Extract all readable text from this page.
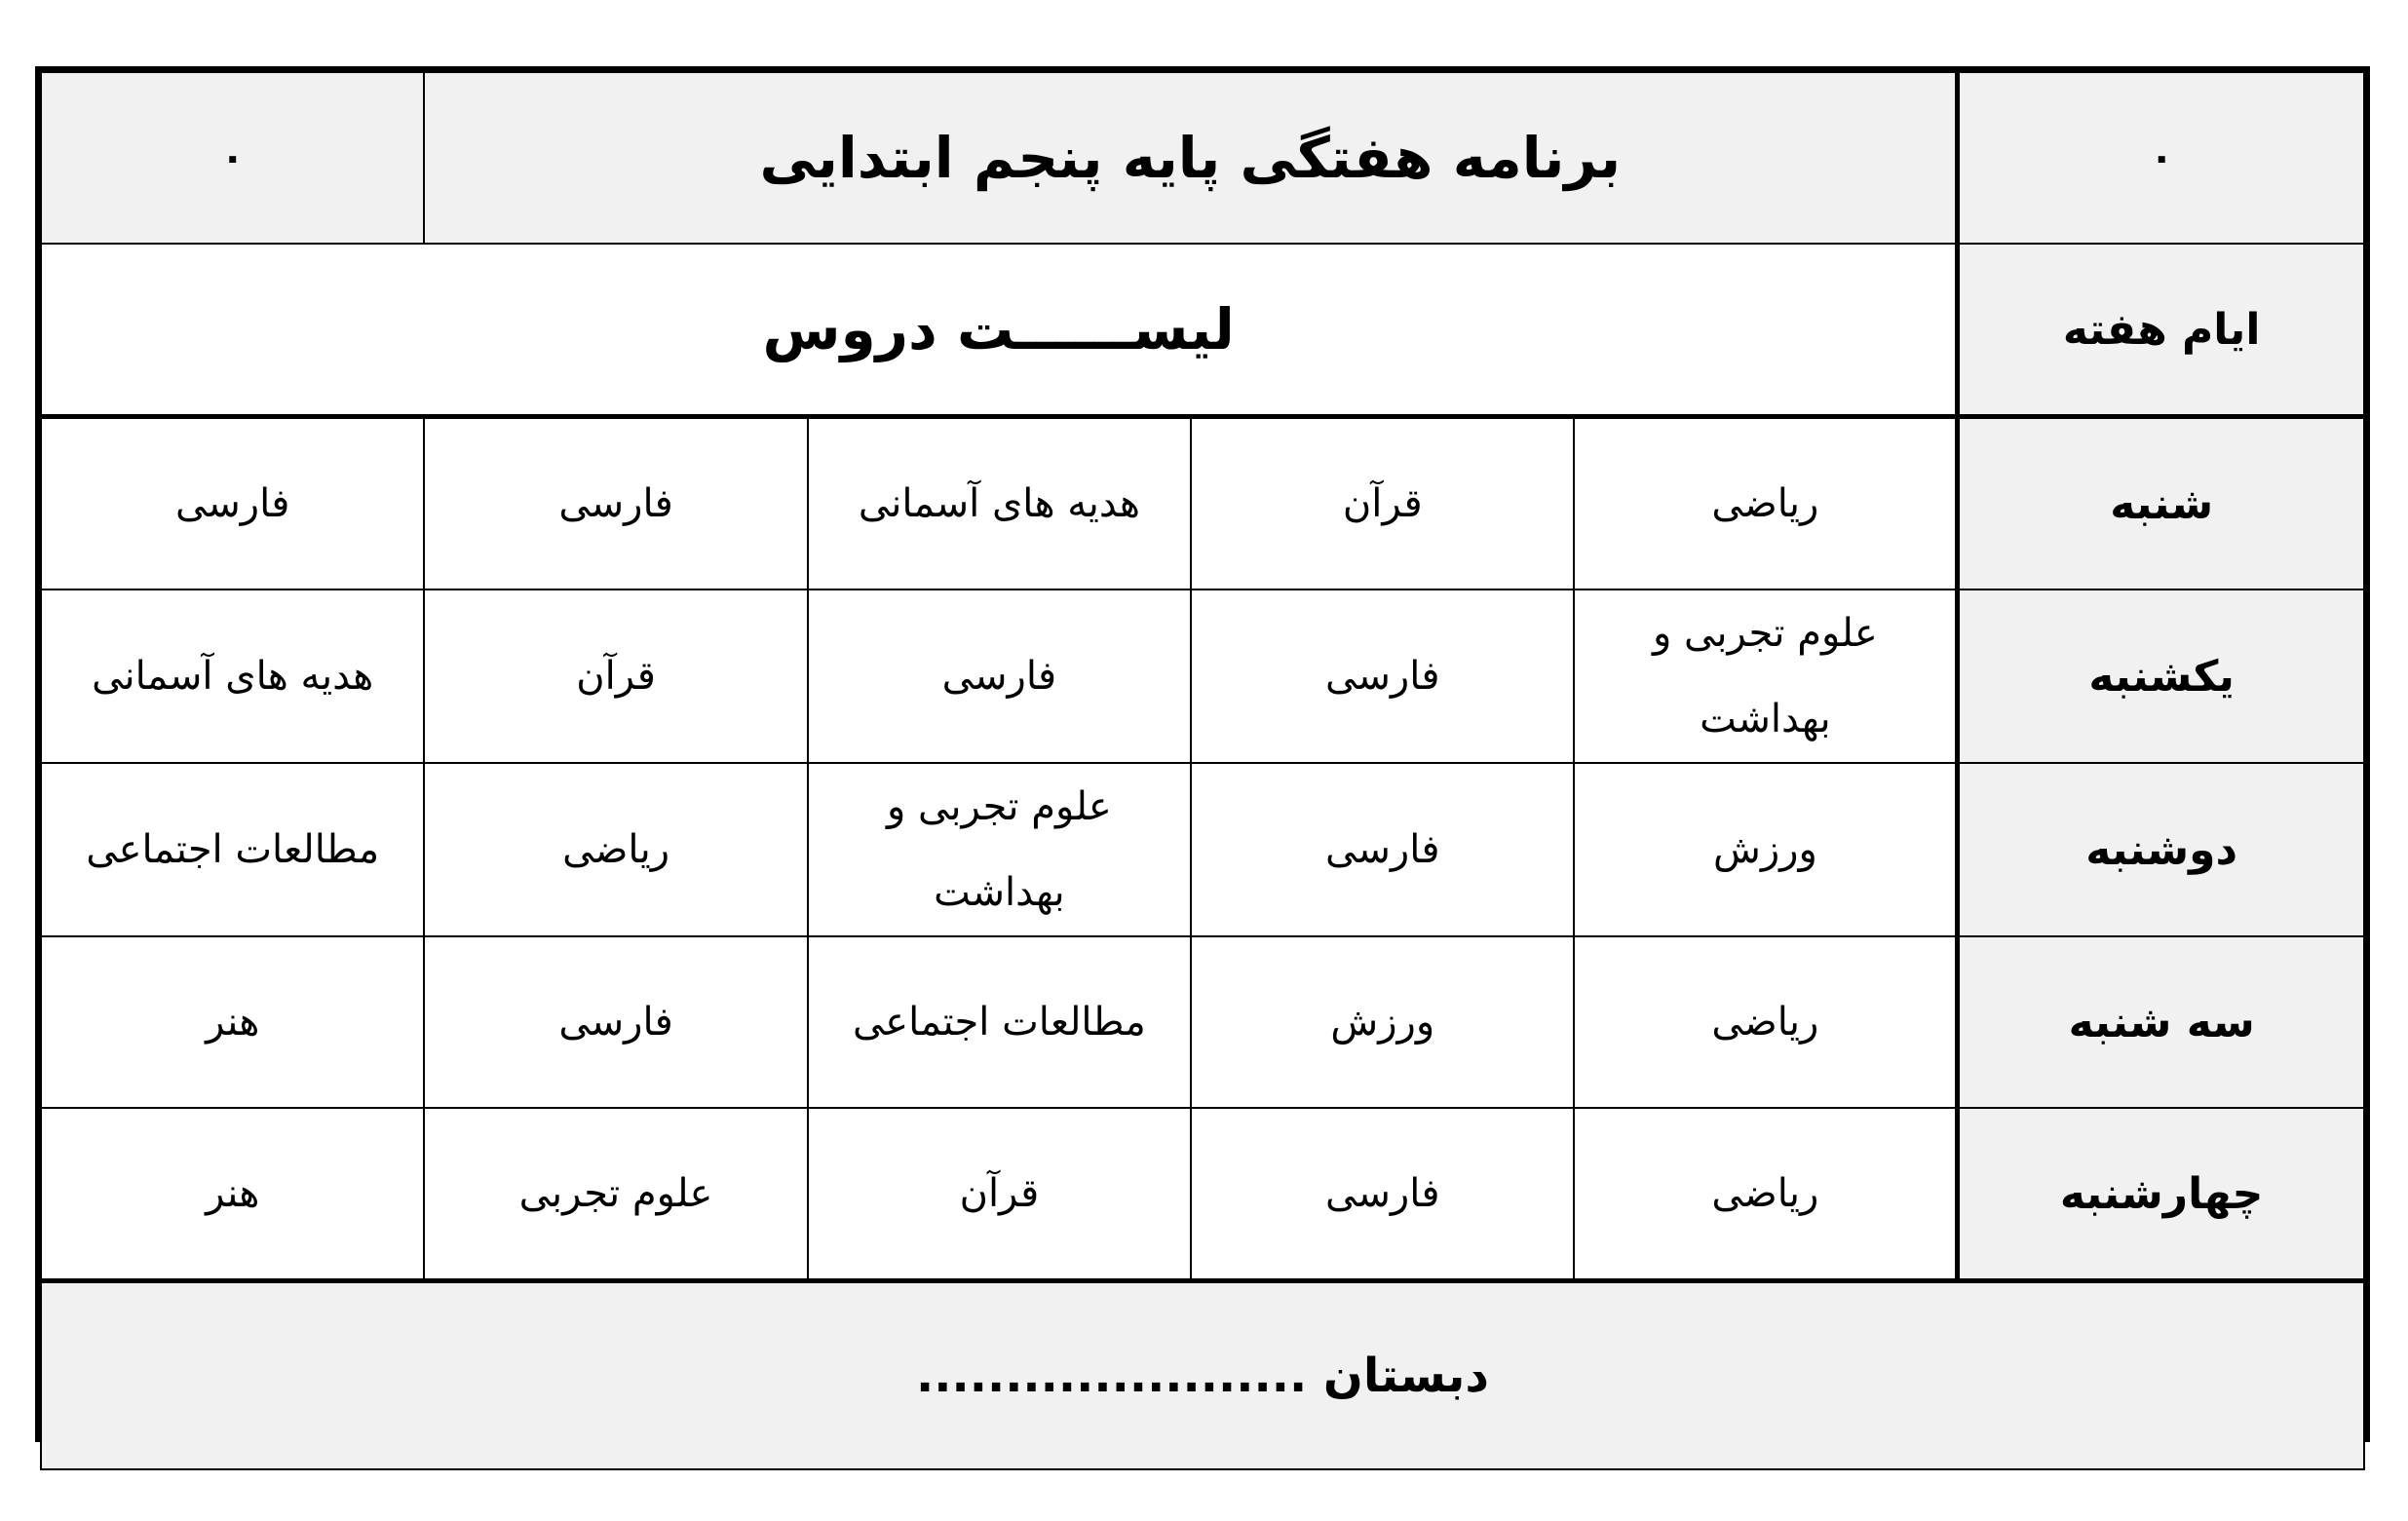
۰	برنامه هفتگی پایه پنجم ابتدایی				۰
ایام هفته	لیســــــت دروس				
شنبه	ریاضی	قرآن	هدیه های آسمانی	فارسی	فارسی
یکشنبه	علوم تجربی و بهداشت	فارسی	فارسی	قرآن	هدیه های آسمانی
دوشنبه	ورزش	فارسی	علوم تجربی و بهداشت	ریاضی	مطالعات اجتماعی
سه شنبه	ریاضی	ورزش	مطالعات اجتماعی	فارسی	هنر
چهارشنبه	ریاضی	فارسی	قرآن	علوم تجربی	هنر
دبستان ......................					
